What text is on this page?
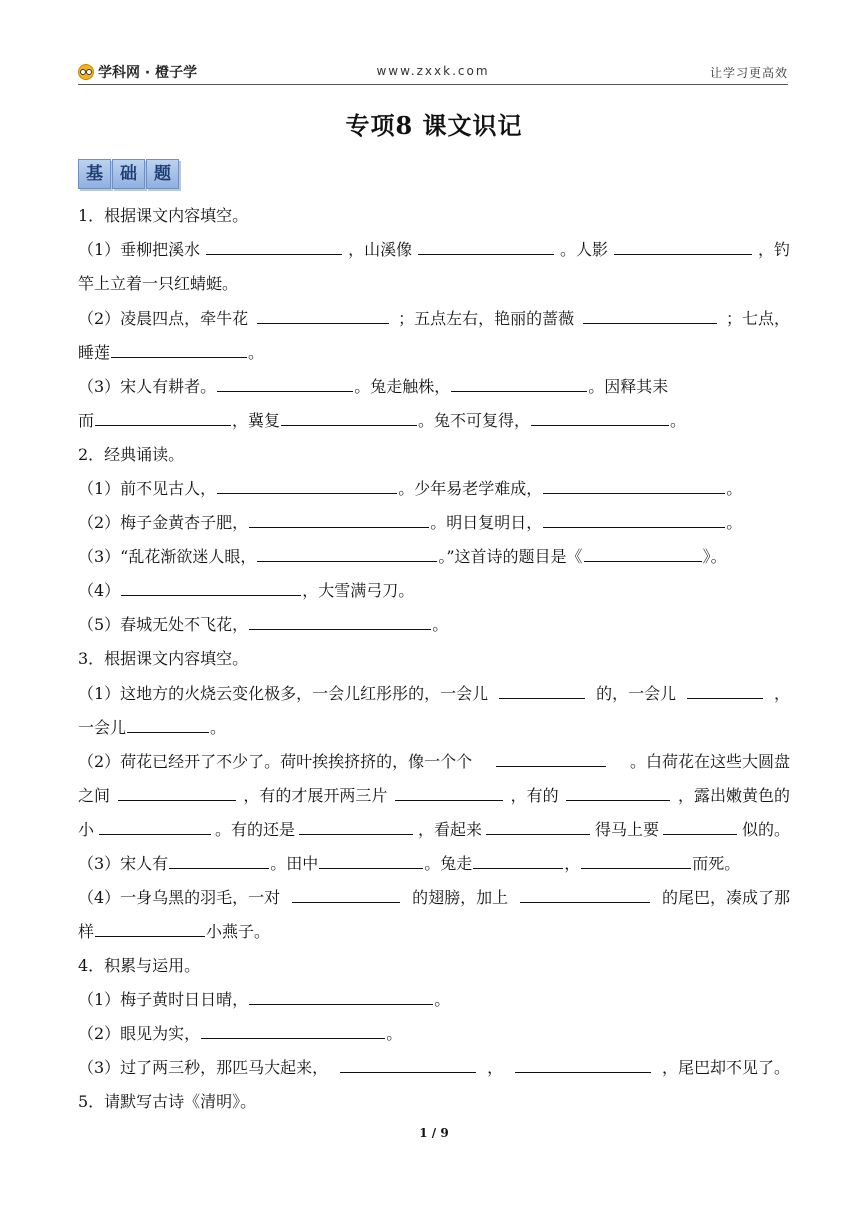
学科网 · 橙子学	www.zxxk.com	让学习更高效
专项8 课文识记
基	础	题
1．根据课文内容填空。
（1）垂柳把溪水	，山溪像	。人影	，钓
竿上立着一只红蜻蜓。
（2）凌晨四点，牵牛花	；五点左右，艳丽的蔷薇	；七点，
睡莲	。
（3）宋人有耕者。	。兔走触株，	。因释其耒
而	，冀复	。兔不可复得，	。
2．经典诵读。
（1）前不见古人，	。少年易老学难成，	。
（2）梅子金黄杏子肥，	。明日复明日，	。
（3）“乱花渐欲迷人眼，	。”这首诗的题目是《	》。
（4）	，大雪满弓刀。
（5）春城无处不飞花，	。
3．根据课文内容填空。
（1）这地方的火烧云变化极多，一会儿红彤彤的，一会儿	的，一会儿	，
一会儿	。
（2）荷花已经开了不少了。荷叶挨挨挤挤的，像一个个	。白荷花在这些大圆盘
之间	，有的才展开两三片	，有的	，露出嫩黄色的
小	。有的还是	，看起来	得马上要	似的。
（3）宋人有	。田中	。兔走	，	而死。
（4）一身乌黑的羽毛，一对	的翅膀，加上	的尾巴，凑成了那
样	小燕子。
4．积累与运用。
（1）梅子黄时日日晴，	。
（2）眼见为实，	。
（3）过了两三秒，那匹马大起来，	，	，尾巴却不见了。
5．请默写古诗《清明》。
1 / 9
